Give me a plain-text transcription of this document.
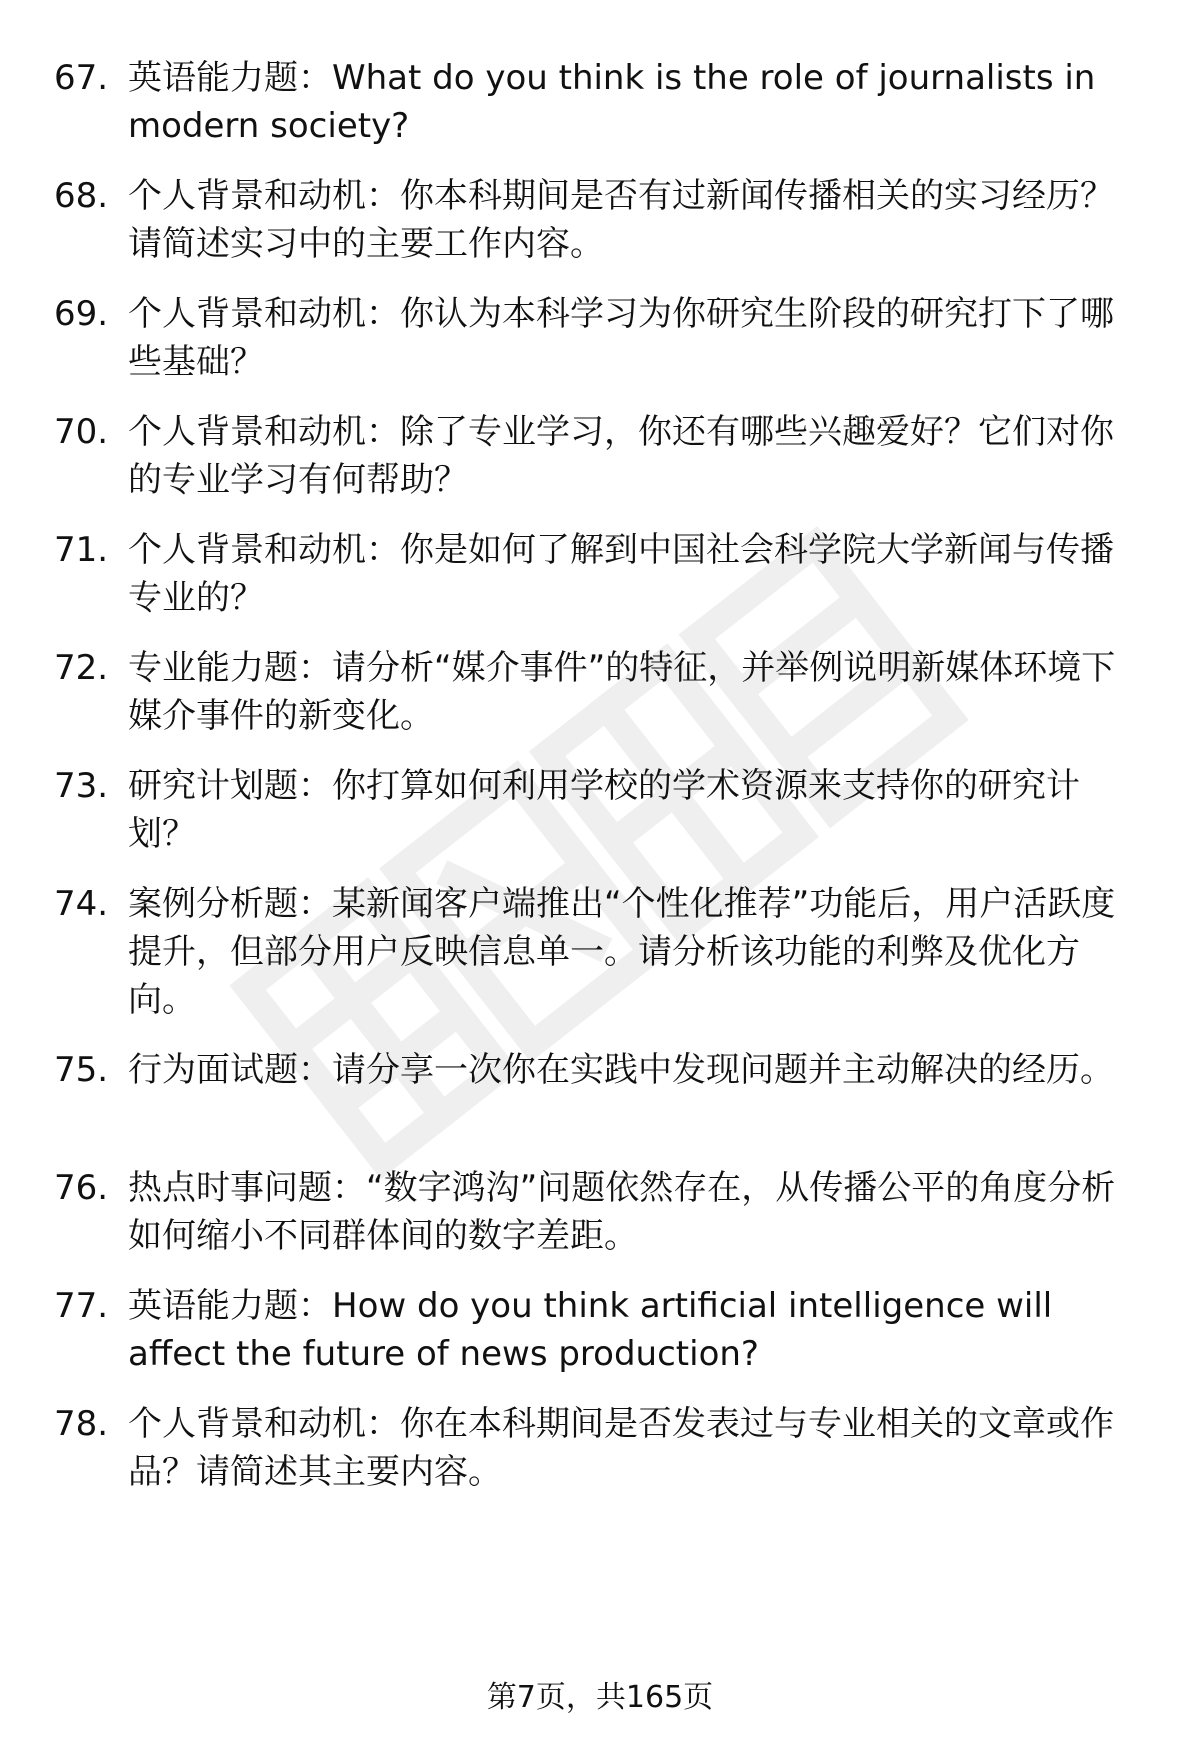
67. 英语能力题：What do you think is the role of journalists in modern society?
68. 个人背景和动机：你本科期间是否有过新闻传播相关的实习经历？请简述实习中的主要工作内容。
69. 个人背景和动机：你认为本科学习为你研究生阶段的研究打下了哪些基础？
70. 个人背景和动机：除了专业学习，你还有哪些兴趣爱好？它们对你的专业学习有何帮助？
71. 个人背景和动机：你是如何了解到中国社会科学院大学新闻与传播专业的？
72. 专业能力题：请分析“媒介事件”的特征，并举例说明新媒体环境下媒介事件的新变化。
73. 研究计划题：你打算如何利用学校的学术资源来支持你的研究计划？
74. 案例分析题：某新闻客户端推出“个性化推荐”功能后，用户活跃度提升，但部分用户反映信息单一。请分析该功能的利弊及优化方向。
75. 行为面试题：请分享一次你在实践中发现问题并主动解决的经历。
76. 热点时事问题：“数字鸿沟”问题依然存在，从传播公平的角度分析如何缩小不同群体间的数字差距。
77. 英语能力题：How do you think artificial intelligence will affect the future of news production?
78. 个人背景和动机：你在本科期间是否发表过与专业相关的文章或作品？请简述其主要内容。
第7页，共165页
